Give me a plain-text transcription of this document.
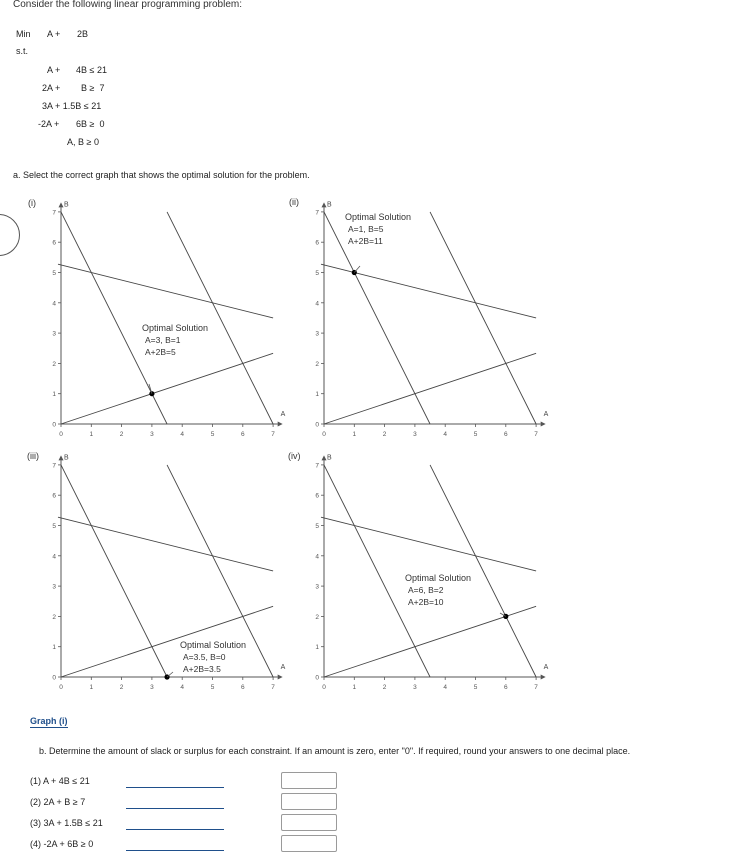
Consider the following linear programming problem:
Min A + 2B
s.t.
A + 4B ≤ 21
2A + B ≥  7
3A + 1.5B ≤ 21
-2A + 6B ≥  0
A, B ≥ 0
a. Select the correct graph that shows the optimal solution for the problem.
(i)	(ii)
(iii)	(iv)
A
B
0	1	2	3	4	5	6	7
0
1
2
3
4
5
6
7
Optimal Solution
A=3, B=1
A+2B=5
A
B
0	1	2	3	4	5	6	7
0
1
2
3
4
5
6
7	Optimal Solution
A=1, B=5
A+2B=11
A
B
0	1	2	3	4	5	6	7
0
1
2
3
4
5
6
7
Optimal Solution
A=3.5, B=0
A+2B=3.5	A
B
0	1	2	3	4	5	6	7
0
1
2
3
4
5
6
7
Optimal Solution
A=6, B=2
A+2B=10
Graph (i)
b. Determine the amount of slack or surplus for each constraint. If an amount is zero, enter "0". If required, round your answers to one decimal place.
(1) A + 4B ≤ 21
(2) 2A + B ≥ 7
(3) 3A + 1.5B ≤ 21
(4) -2A + 6B ≥ 0
